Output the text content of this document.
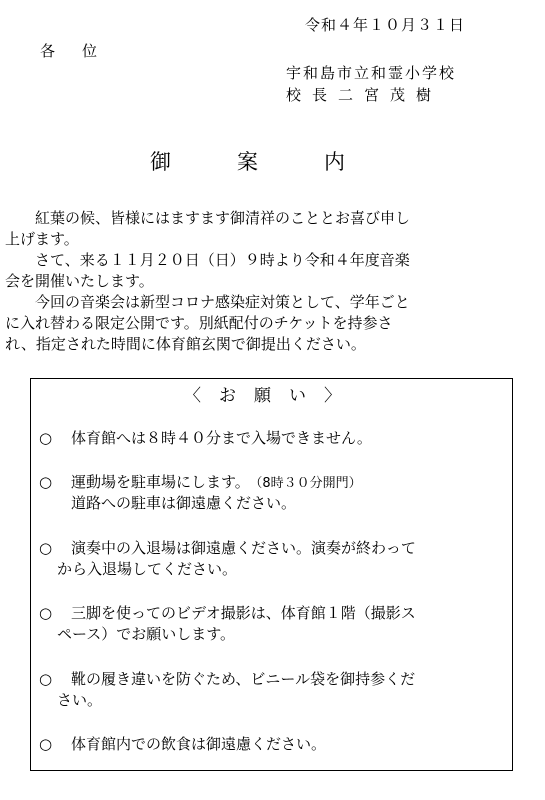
令和４年１０月３１日
各位
宇和島市立和霊小学校
校長二宮茂樹
御案内

紅葉の候、皆様にはますます御清祥のこととお喜び申し
上げます。

さて、来る１１月２０日（日）９時より令和４年度音楽
会を開催いたします。

今回の音楽会は新型コロナ感染症対策として、学年ごと
に入れ替わる限定公開です。別紙配付のチケットを持参さ
れ、指定された時間に体育館玄関で御提出ください。

〈お願い〉
○ 体育館へは８時４０分まで入場できません。
○ 運動場を駐車場にします。 （8時３０分開門）
道路への駐車は御遠慮ください。
○ 演奏中の入退場は御遠慮ください。演奏が終わって
から入退場してください。
○ 三脚を使ってのビデオ撮影は、体育館１階（撮影ス
ペース）でお願いします。
○ 靴の履き違いを防ぐため、ビニール袋を御持参くだ
さい。
○ 体育館内での飲食は御遠慮ください。
